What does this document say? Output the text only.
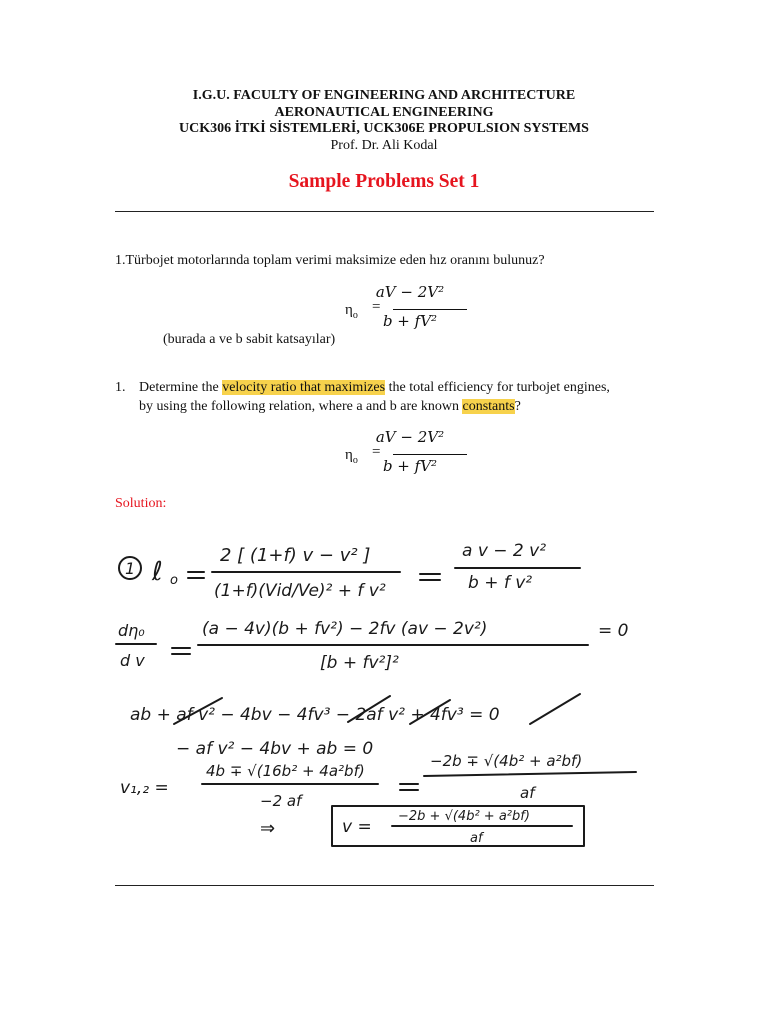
I.G.U. FACULTY OF ENGINEERING AND ARCHITECTURE
AERONAUTICAL ENGINEERING
UCK306 İTKİ SİSTEMLERİ, UCK306E PROPULSION SYSTEMS
Prof. Dr. Ali Kodal
Sample Problems Set 1
1.Türbojet motorlarında toplam verimi maksimize eden hız oranını bulunuz?
$\eta_o$
=
aV − 2V²
b + fV²
(burada a ve b sabit katsayılar)
1. Determine the velocity ratio that maximizes the total efficiency for turbojet engines,
by using the following relation, where a and b are known constants?
$\eta_o$
=
aV − 2V²
b + fV²
Solution:
1 ℓ o
2 [ (1+f) v − v² ]
(1+f)(Vid/Ve)² + f v²
a v − 2 v²
b + f v²
dη₀
d v
(a − 4v)(b + fv²) − 2fv (av − 2v²)
[b + fv²]²
= 0
ab + af v² − 4bv − 4fv³ − 2af v² + 4fv³ = 0
− af v² − 4bv + ab = 0
v₁,₂ =
4b ∓ √(16b² + 4a²bf)
−2 af
−2b ∓ √(4b² + a²bf)
af
⇒	v =
−2b + √(4b² + a²bf)
af
